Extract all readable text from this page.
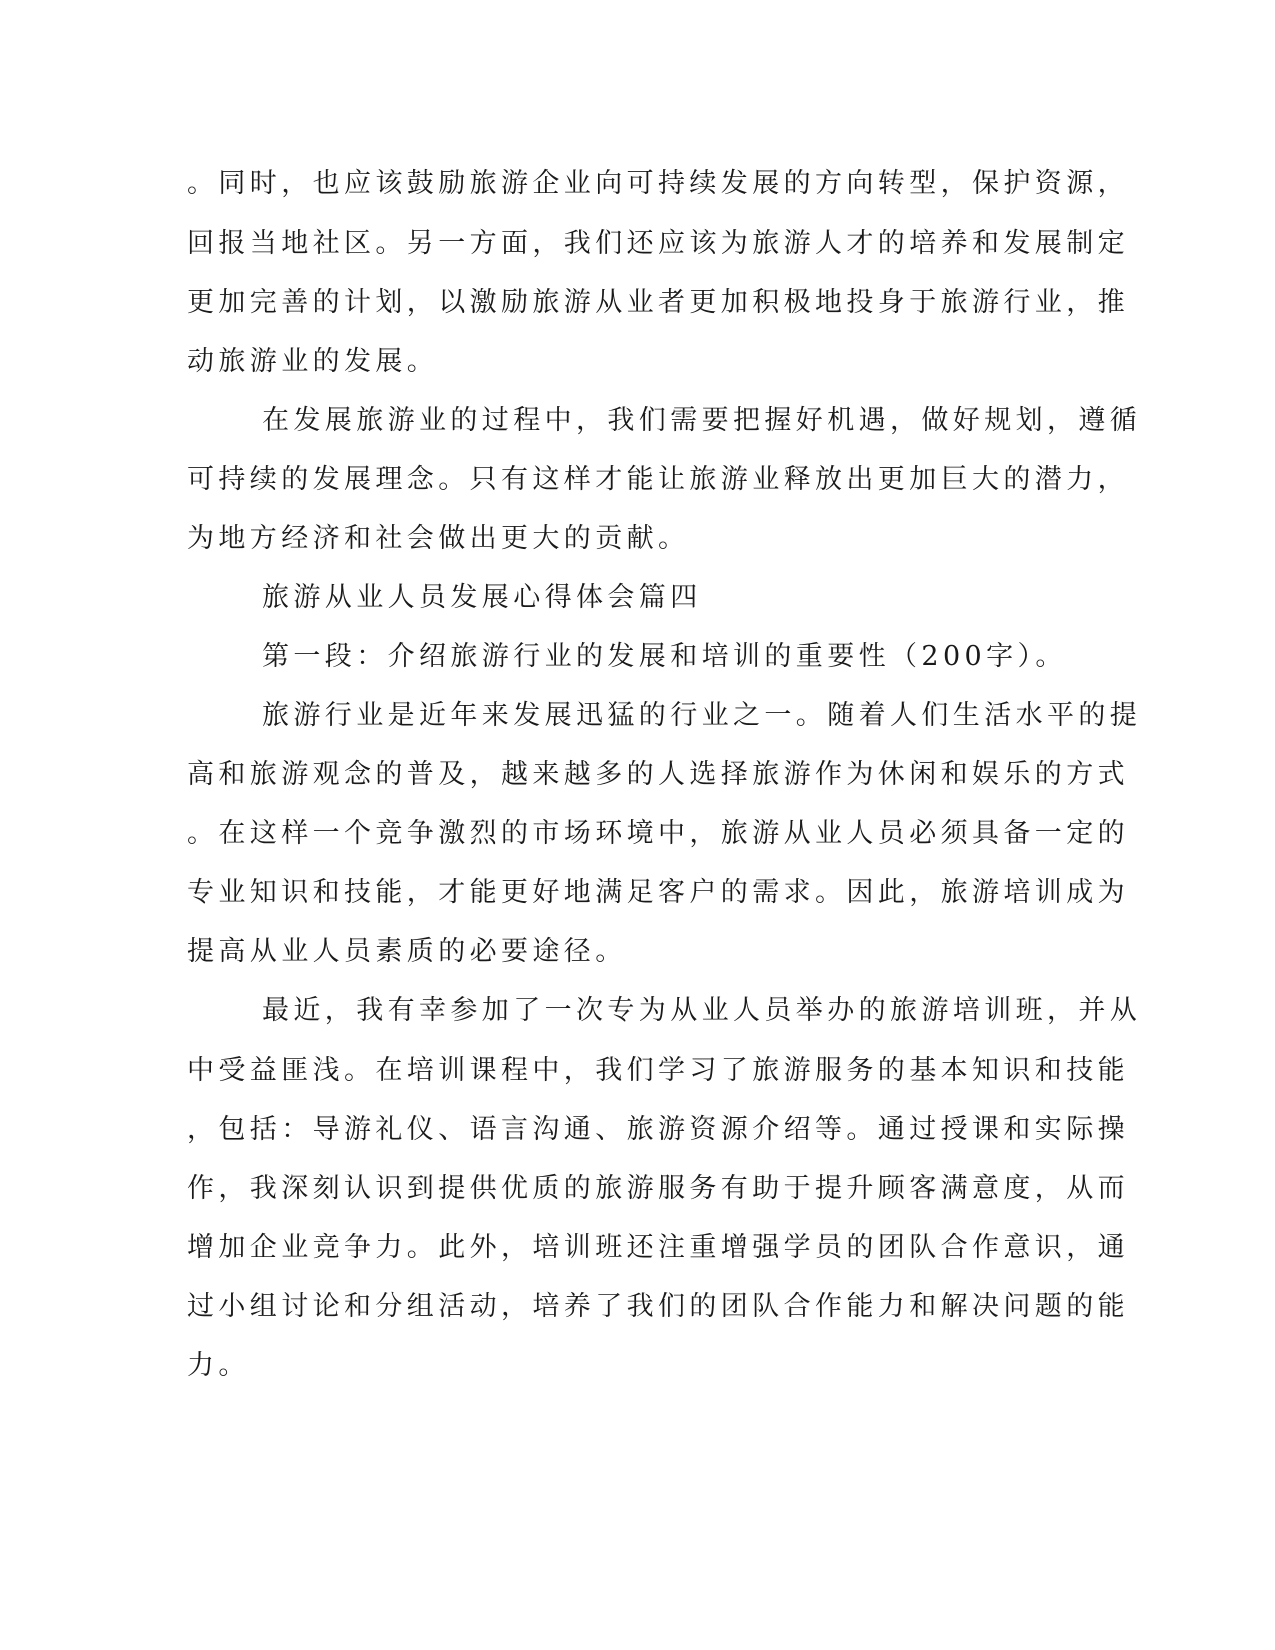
。同时，也应该鼓励旅游企业向可持续发展的方向转型，保护资源，

回报当地社区。另一方面，我们还应该为旅游人才的培养和发展制定

更加完善的计划，以激励旅游从业者更加积极地投身于旅游行业，推

动旅游业的发展。

在发展旅游业的过程中，我们需要把握好机遇，做好规划，遵循

可持续的发展理念。只有这样才能让旅游业释放出更加巨大的潜力，

为地方经济和社会做出更大的贡献。

旅游从业人员发展心得体会篇四

第一段：介绍旅游行业的发展和培训的重要性（200字）。

旅游行业是近年来发展迅猛的行业之一。随着人们生活水平的提

高和旅游观念的普及，越来越多的人选择旅游作为休闲和娱乐的方式

。在这样一个竞争激烈的市场环境中，旅游从业人员必须具备一定的

专业知识和技能，才能更好地满足客户的需求。因此，旅游培训成为

提高从业人员素质的必要途径。

最近，我有幸参加了一次专为从业人员举办的旅游培训班，并从

中受益匪浅。在培训课程中，我们学习了旅游服务的基本知识和技能

，包括：导游礼仪、语言沟通、旅游资源介绍等。通过授课和实际操

作，我深刻认识到提供优质的旅游服务有助于提升顾客满意度，从而

增加企业竞争力。此外，培训班还注重增强学员的团队合作意识，通

过小组讨论和分组活动，培养了我们的团队合作能力和解决问题的能

力。
